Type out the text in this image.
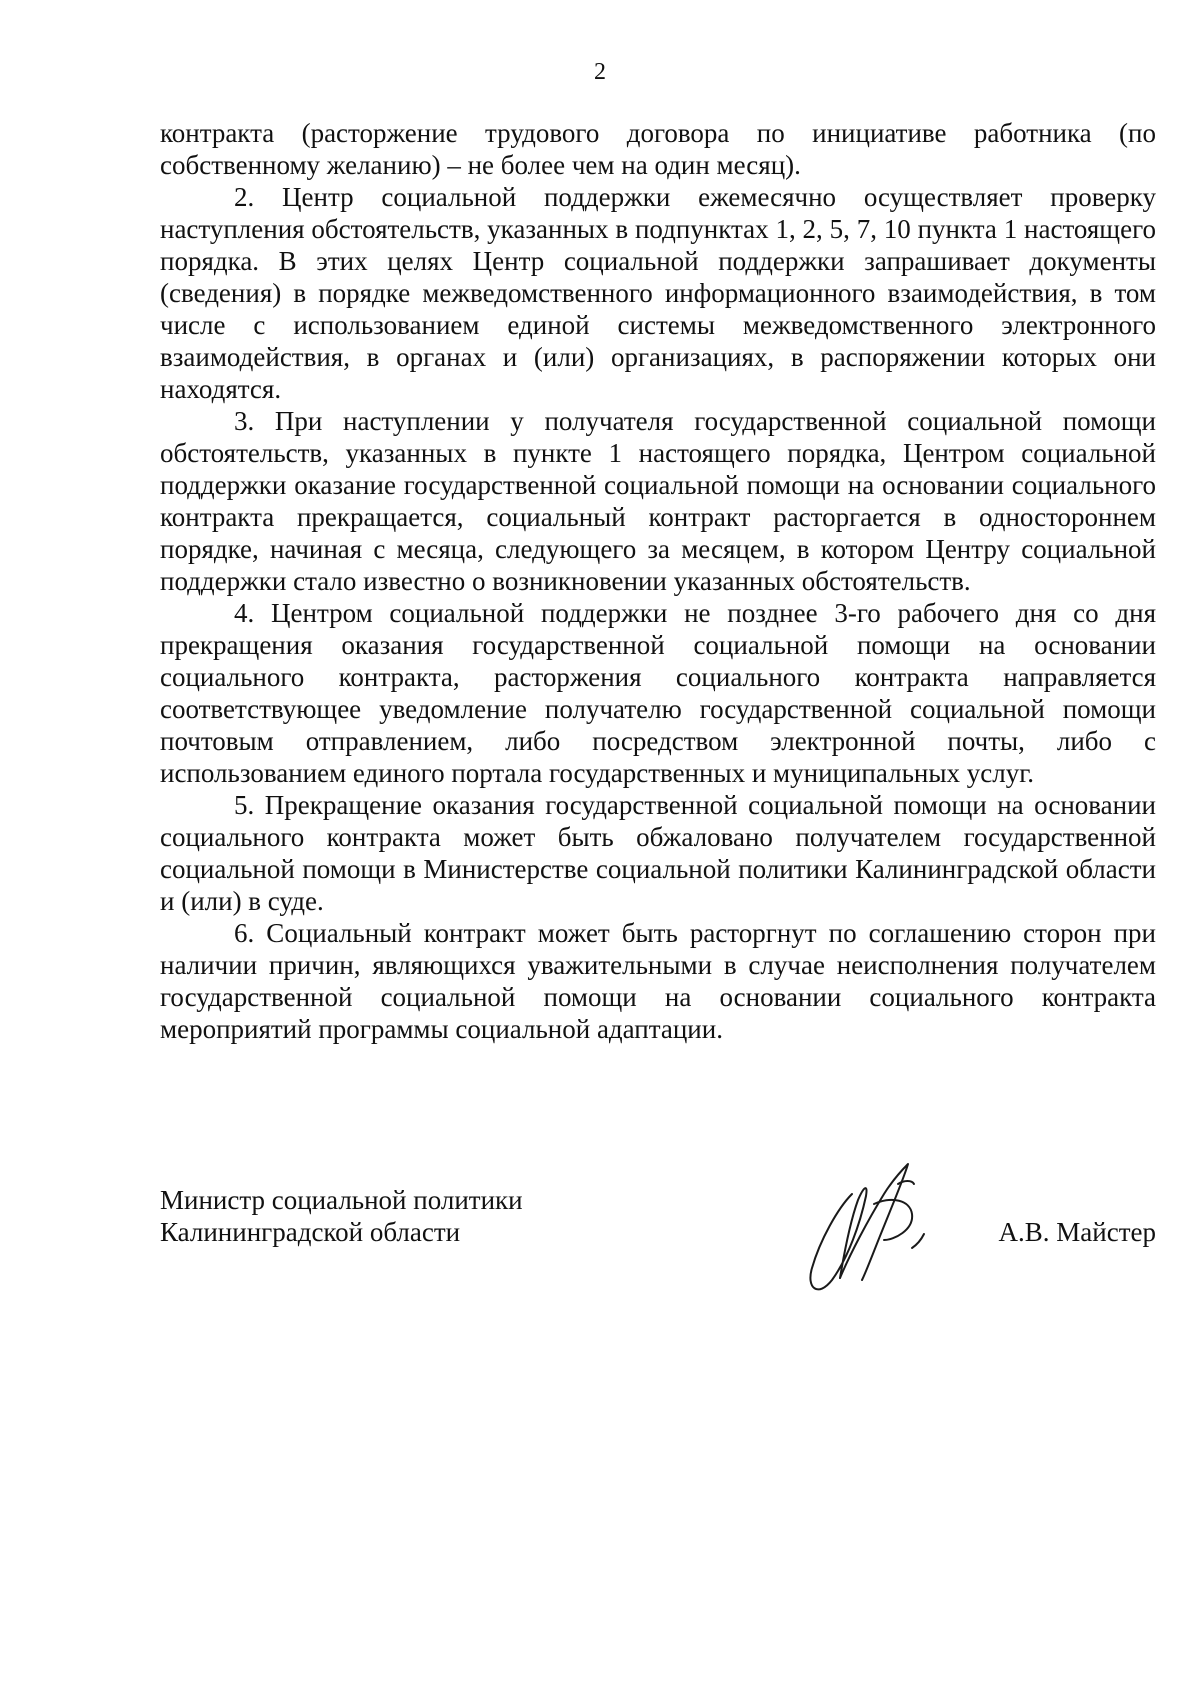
2

контракта (расторжение трудового договора по инициативе работника (по собственному желанию) – не более чем на один месяц).

2. Центр социальной поддержки ежемесячно осуществляет проверку наступления обстоятельств, указанных в подпунктах 1, 2, 5, 7, 10 пункта 1 настоящего порядка. В этих целях Центр социальной поддержки запрашивает документы (сведения) в порядке межведомственного информационного взаимодействия, в том числе с использованием единой системы межведомственного электронного взаимодействия, в органах и (или) организациях, в распоряжении которых они находятся.

3. При наступлении у получателя государственной социальной помощи обстоятельств, указанных в пункте 1 настоящего порядка, Центром социальной поддержки оказание государственной социальной помощи на основании социального контракта прекращается, социальный контракт расторгается в одностороннем порядке, начиная с месяца, следующего за месяцем, в котором Центру социальной поддержки стало известно о возникновении указанных обстоятельств.

4. Центром социальной поддержки не позднее 3-го рабочего дня со дня прекращения оказания государственной социальной помощи на основании социального контракта, расторжения социального контракта направляется соответствующее уведомление получателю государственной социальной помощи почтовым отправлением, либо посредством электронной почты, либо с использованием единого портала государственных и муниципальных услуг.

5. Прекращение оказания государственной социальной помощи на основании социального контракта может быть обжаловано получателем государственной социальной помощи в Министерстве социальной политики Калининградской области и (или) в суде.

6. Социальный контракт может быть расторгнут по соглашению сторон при наличии причин, являющихся уважительными в случае неисполнения получателем государственной социальной помощи на основании социального контракта мероприятий программы социальной адаптации.

Министр социальной политики
Калининградской области	А.В. Майстер
